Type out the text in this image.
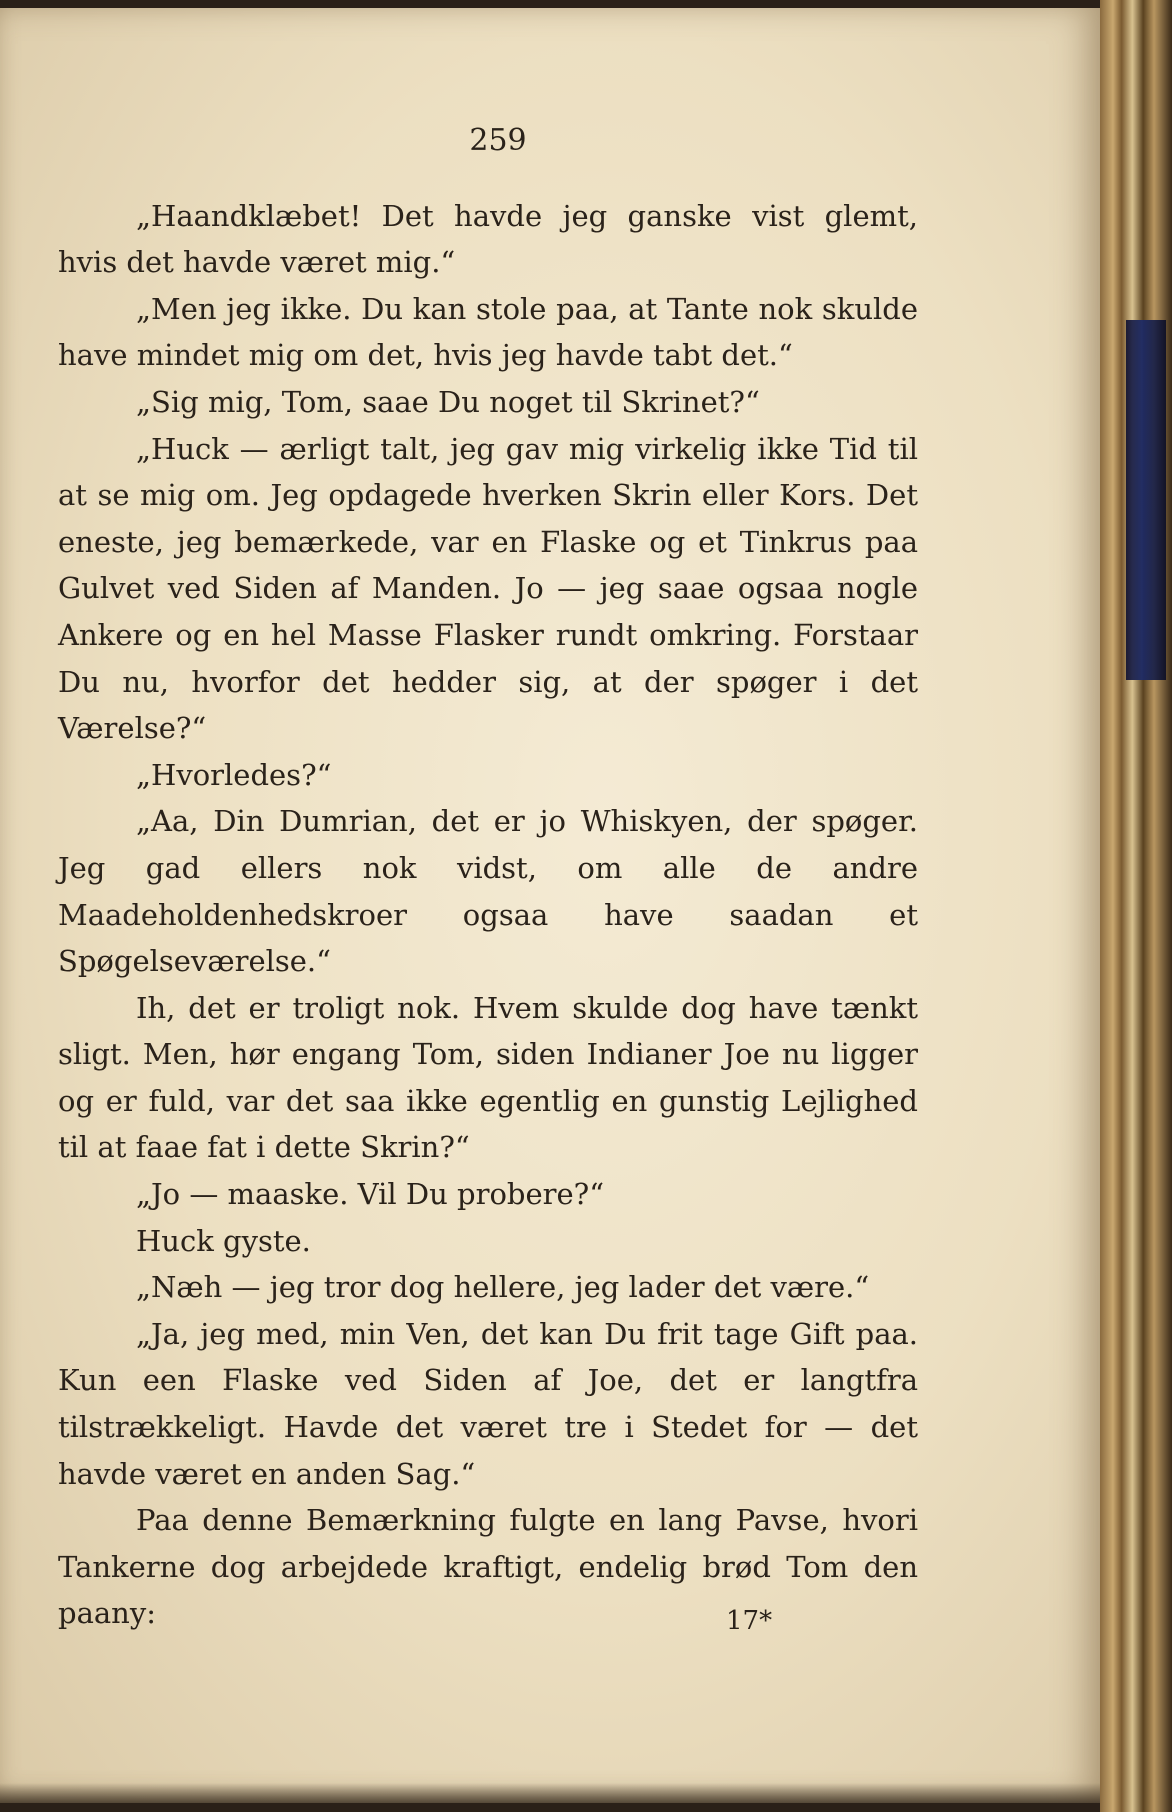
259

„Haandklæbet! Det havde jeg ganske vist glemt, hvis det havde været mig.“

„Men jeg ikke. Du kan stole paa, at Tante nok skulde have mindet mig om det, hvis jeg havde tabt det.“

„Sig mig, Tom, saae Du noget til Skrinet?“

„Huck — ærligt talt, jeg gav mig virkelig ikke Tid til at se mig om. Jeg opdagede hverken Skrin eller Kors. Det eneste, jeg bemærkede, var en Flaske og et Tinkrus paa Gulvet ved Siden af Manden. Jo — jeg saae ogsaa nogle Ankere og en hel Masse Flasker rundt omkring. Forstaar Du nu, hvorfor det hedder sig, at der spøger i det Værelse?“

„Hvorledes?“

„Aa, Din Dumrian, det er jo Whiskyen, der spøger. Jeg gad ellers nok vidst, om alle de andre Maadeholdenhedskroer ogsaa have saadan et Spøgelseværelse.“

Ih, det er troligt nok. Hvem skulde dog have tænkt sligt. Men, hør engang Tom, siden Indianer Joe nu ligger og er fuld, var det saa ikke egentlig en gunstig Lejlighed til at faae fat i dette Skrin?“

„Jo — maaske. Vil Du probere?“

Huck gyste.

„Næh — jeg tror dog hellere, jeg lader det være.“

„Ja, jeg med, min Ven, det kan Du frit tage Gift paa. Kun een Flaske ved Siden af Joe, det er langtfra tilstrækkeligt. Havde det været tre i Stedet for — det havde været en anden Sag.“

Paa denne Bemærkning fulgte en lang Pavse, hvori Tankerne dog arbejdede kraftigt, endelig brød Tom den paany:	17*
